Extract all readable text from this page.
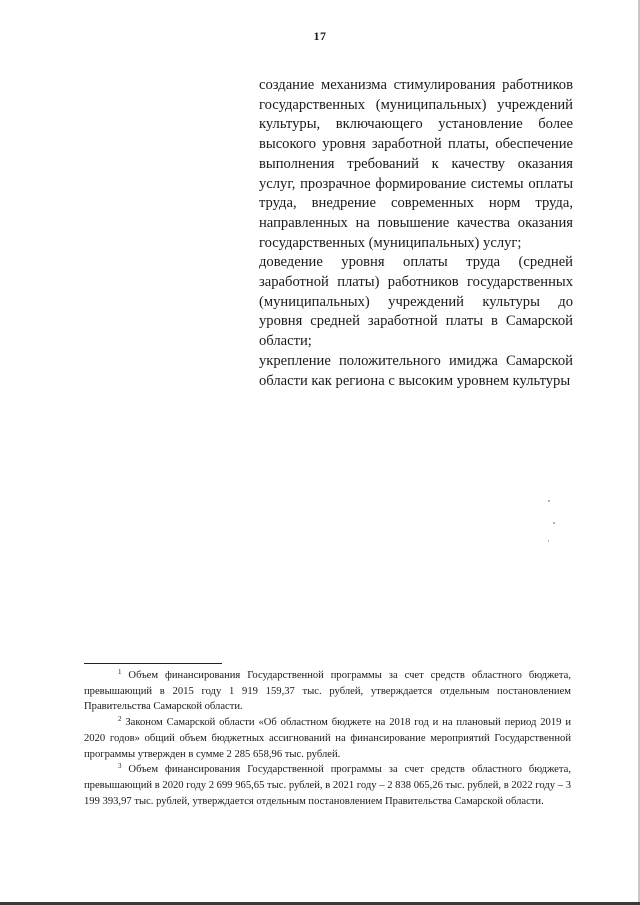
17

создание механизма стимулирования работников государственных (муниципальных) учреждений культуры, включающего установление более высокого уровня заработной платы, обеспечение выполнения требований к качеству оказания услуг, прозрачное формирование системы оплаты труда, внедрение современных норм труда, направленных на повышение качества оказания государственных (муниципальных) услуг;

доведение уровня оплаты труда (средней заработной платы) работников государственных (муниципальных) учреждений культуры до уровня средней заработной платы в Самарской области;

укрепление положительного имиджа Самарской области как региона с высоким уровнем культуры

$^1$ Объем финансирования Государственной программы за счет средств областного бюджета, превышающий в 2015 году 1 919 159,37 тыс. рублей, утверждается отдельным постановлением Правительства Самарской области.

$^2$ Законом Самарской области «Об областном бюджете на 2018 год и на плановый период 2019 и 2020 годов» общий объем бюджетных ассигнований на финансирование мероприятий Государственной программы утвержден в сумме 2 285 658,96 тыс. рублей.

$^3$ Объем финансирования Государственной программы за счет средств областного бюджета, превышающий в 2020 году 2 699 965,65 тыс. рублей, в 2021 году – 2 838 065,26 тыс. рублей, в 2022 году – 3 199 393,97 тыс. рублей, утверждается отдельным постановлением Правительства Самарской области.
